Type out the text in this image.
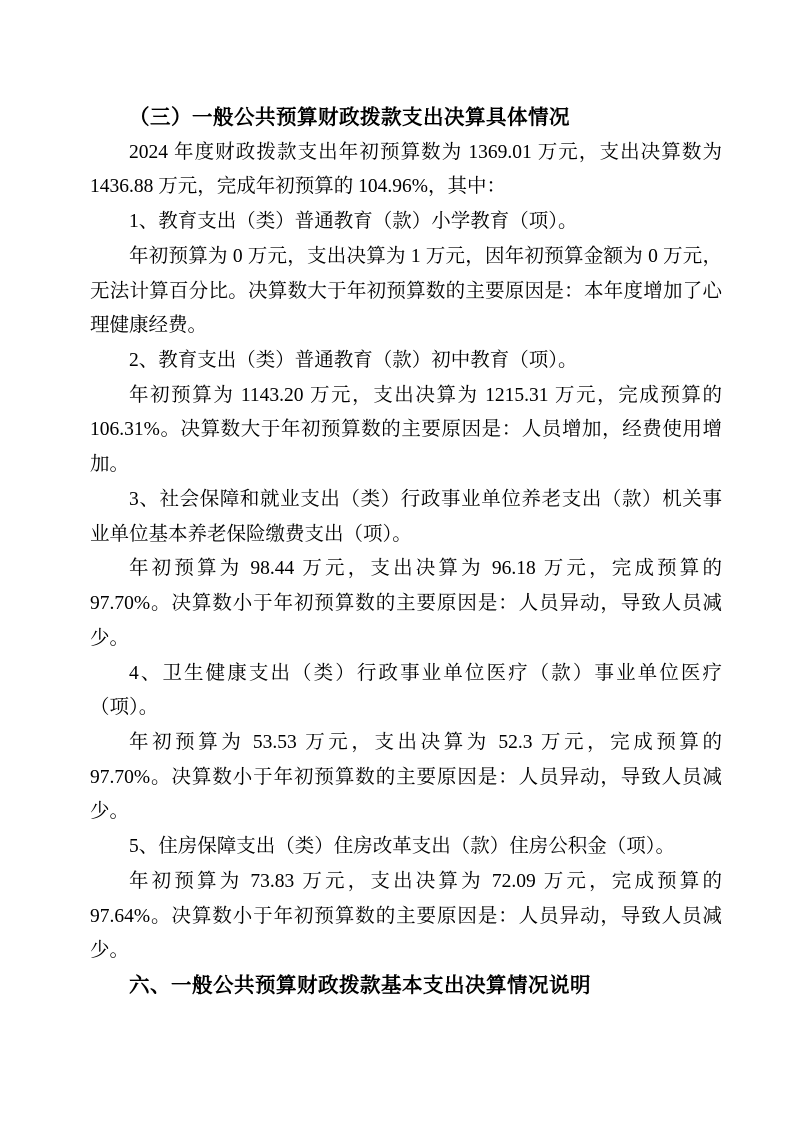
（三）一般公共预算财政拨款支出决算具体情况
2024 年度财政拨款支出年初预算数为 1369.01 万元，支出决算数为
1436.88 万元，完成年初预算的 104.96%，其中：
1、教育支出（类）普通教育（款）小学教育（项）。
年初预算为 0 万元，支出决算为 1 万元，因年初预算金额为 0 万元，
无法计算百分比。决算数大于年初预算数的主要原因是：本年度增加了心
理健康经费。
2、教育支出（类）普通教育（款）初中教育（项）。
年初预算为 1143.20 万元，支出决算为 1215.31 万元，完成预算的
106.31%。决算数大于年初预算数的主要原因是：人员增加，经费使用增
加。
3、社会保障和就业支出（类）行政事业单位养老支出（款）机关事
业单位基本养老保险缴费支出（项）。
年初预算为 98.44 万元，支出决算为 96.18 万元，完成预算的
97.70%。决算数小于年初预算数的主要原因是：人员异动，导致人员减
少。
4、卫生健康支出（类）行政事业单位医疗（款）事业单位医疗
（项）。
年初预算为 53.53 万元，支出决算为 52.3 万元，完成预算的
97.70%。决算数小于年初预算数的主要原因是：人员异动，导致人员减
少。
5、住房保障支出（类）住房改革支出（款）住房公积金（项）。
年初预算为 73.83 万元，支出决算为 72.09 万元，完成预算的
97.64%。决算数小于年初预算数的主要原因是：人员异动，导致人员减
少。
六、一般公共预算财政拨款基本支出决算情况说明
